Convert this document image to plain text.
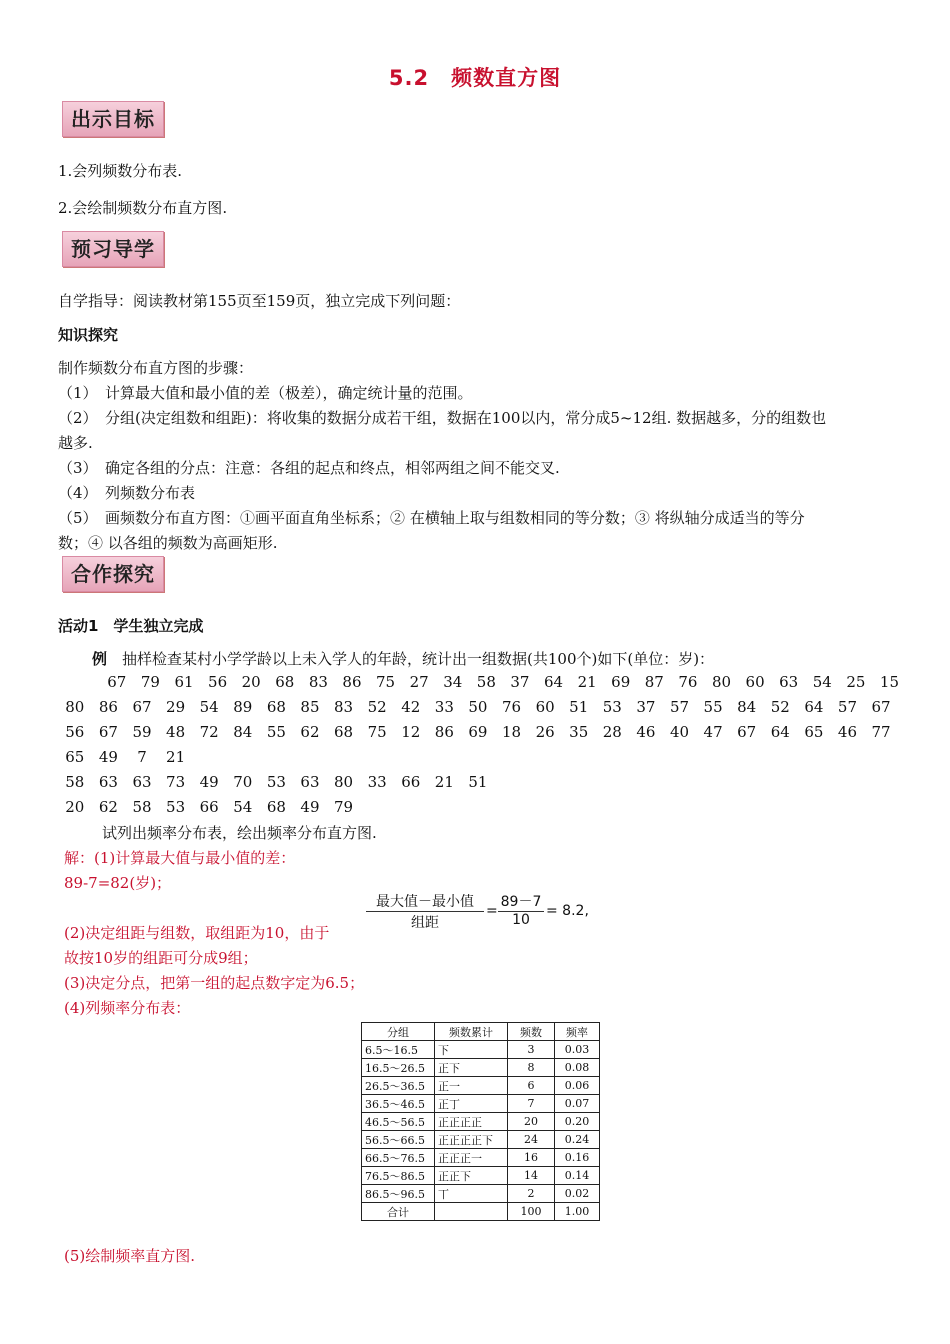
5.2　频数直方图
出示目标
1.会列频数分布表.
2.会绘制频数分布直方图.
预习导学
自学指导：阅读教材第155页至159页，独立完成下列问题：
知识探究
制作频数分布直方图的步骤：
（1）　计算最大值和最小值的差（极差），确定统计量的范围。
（2）　分组(决定组数和组距)：将收集的数据分成若干组，数据在100以内，常分成5~12组. 数据越多，分的组数也
越多.
（3）　确定各组的分点：注意：各组的起点和终点，相邻两组之间不能交叉.
（4）　列频数分布表
（5）　画频数分布直方图：①画平面直角坐标系；② 在横轴上取与组数相同的等分数；③ 将纵轴分成适当的等分
数；④ 以各组的频数为高画矩形.
合作探究
活动1　学生独立完成
例　抽样检查某村小学学龄以上未入学人的年龄，统计出一组数据(共100个)如下(单位：岁)：
67 79 61 56 20 68 83 86 75 27 34 58 37 64 21 69 87 76 80 60 63 54 25 15
80 86 67 29 54 89 68 85 83 52 42 33 50 76 60 51 53 37 57 55 84 52 64 57 67
56 67 59 48 72 84 55 62 68 75 12 86 69 18 26 35 28 46 40 47 67 64 65 46 77
65 49 7 21
58 63 63 73 49 70 53 63 80 33 66 21 51
20 62 58 53 66 54 68 49 79
试列出频率分布表，绘出频率分布直方图.
解：(1)计算最大值与最小值的差：
89-7=82(岁)；
最大值－最小值
组距
= $\frac{89-7}{10} = 8.2$,
(2)决定组距与组数，取组距为10，由于
故按10岁的组距可分成9组；
(3)决定分点，把第一组的起点数字定为6.5；
(4)列频率分布表：
分组	频数累计	频数	频率
6.5～16.5	下	3	0.03
16.5～26.5	正下	8	0.08
26.5～36.5	正一	6	0.06
36.5～46.5	正丁	7	0.07
46.5～56.5	正正正正	20	0.20
56.5～66.5	正正正正下	24	0.24
66.5～76.5	正正正一	16	0.16
76.5～86.5	正正下	14	0.14
86.5～96.5	丅	2	0.02
合计		100	1.00
(5)绘制频率直方图.
